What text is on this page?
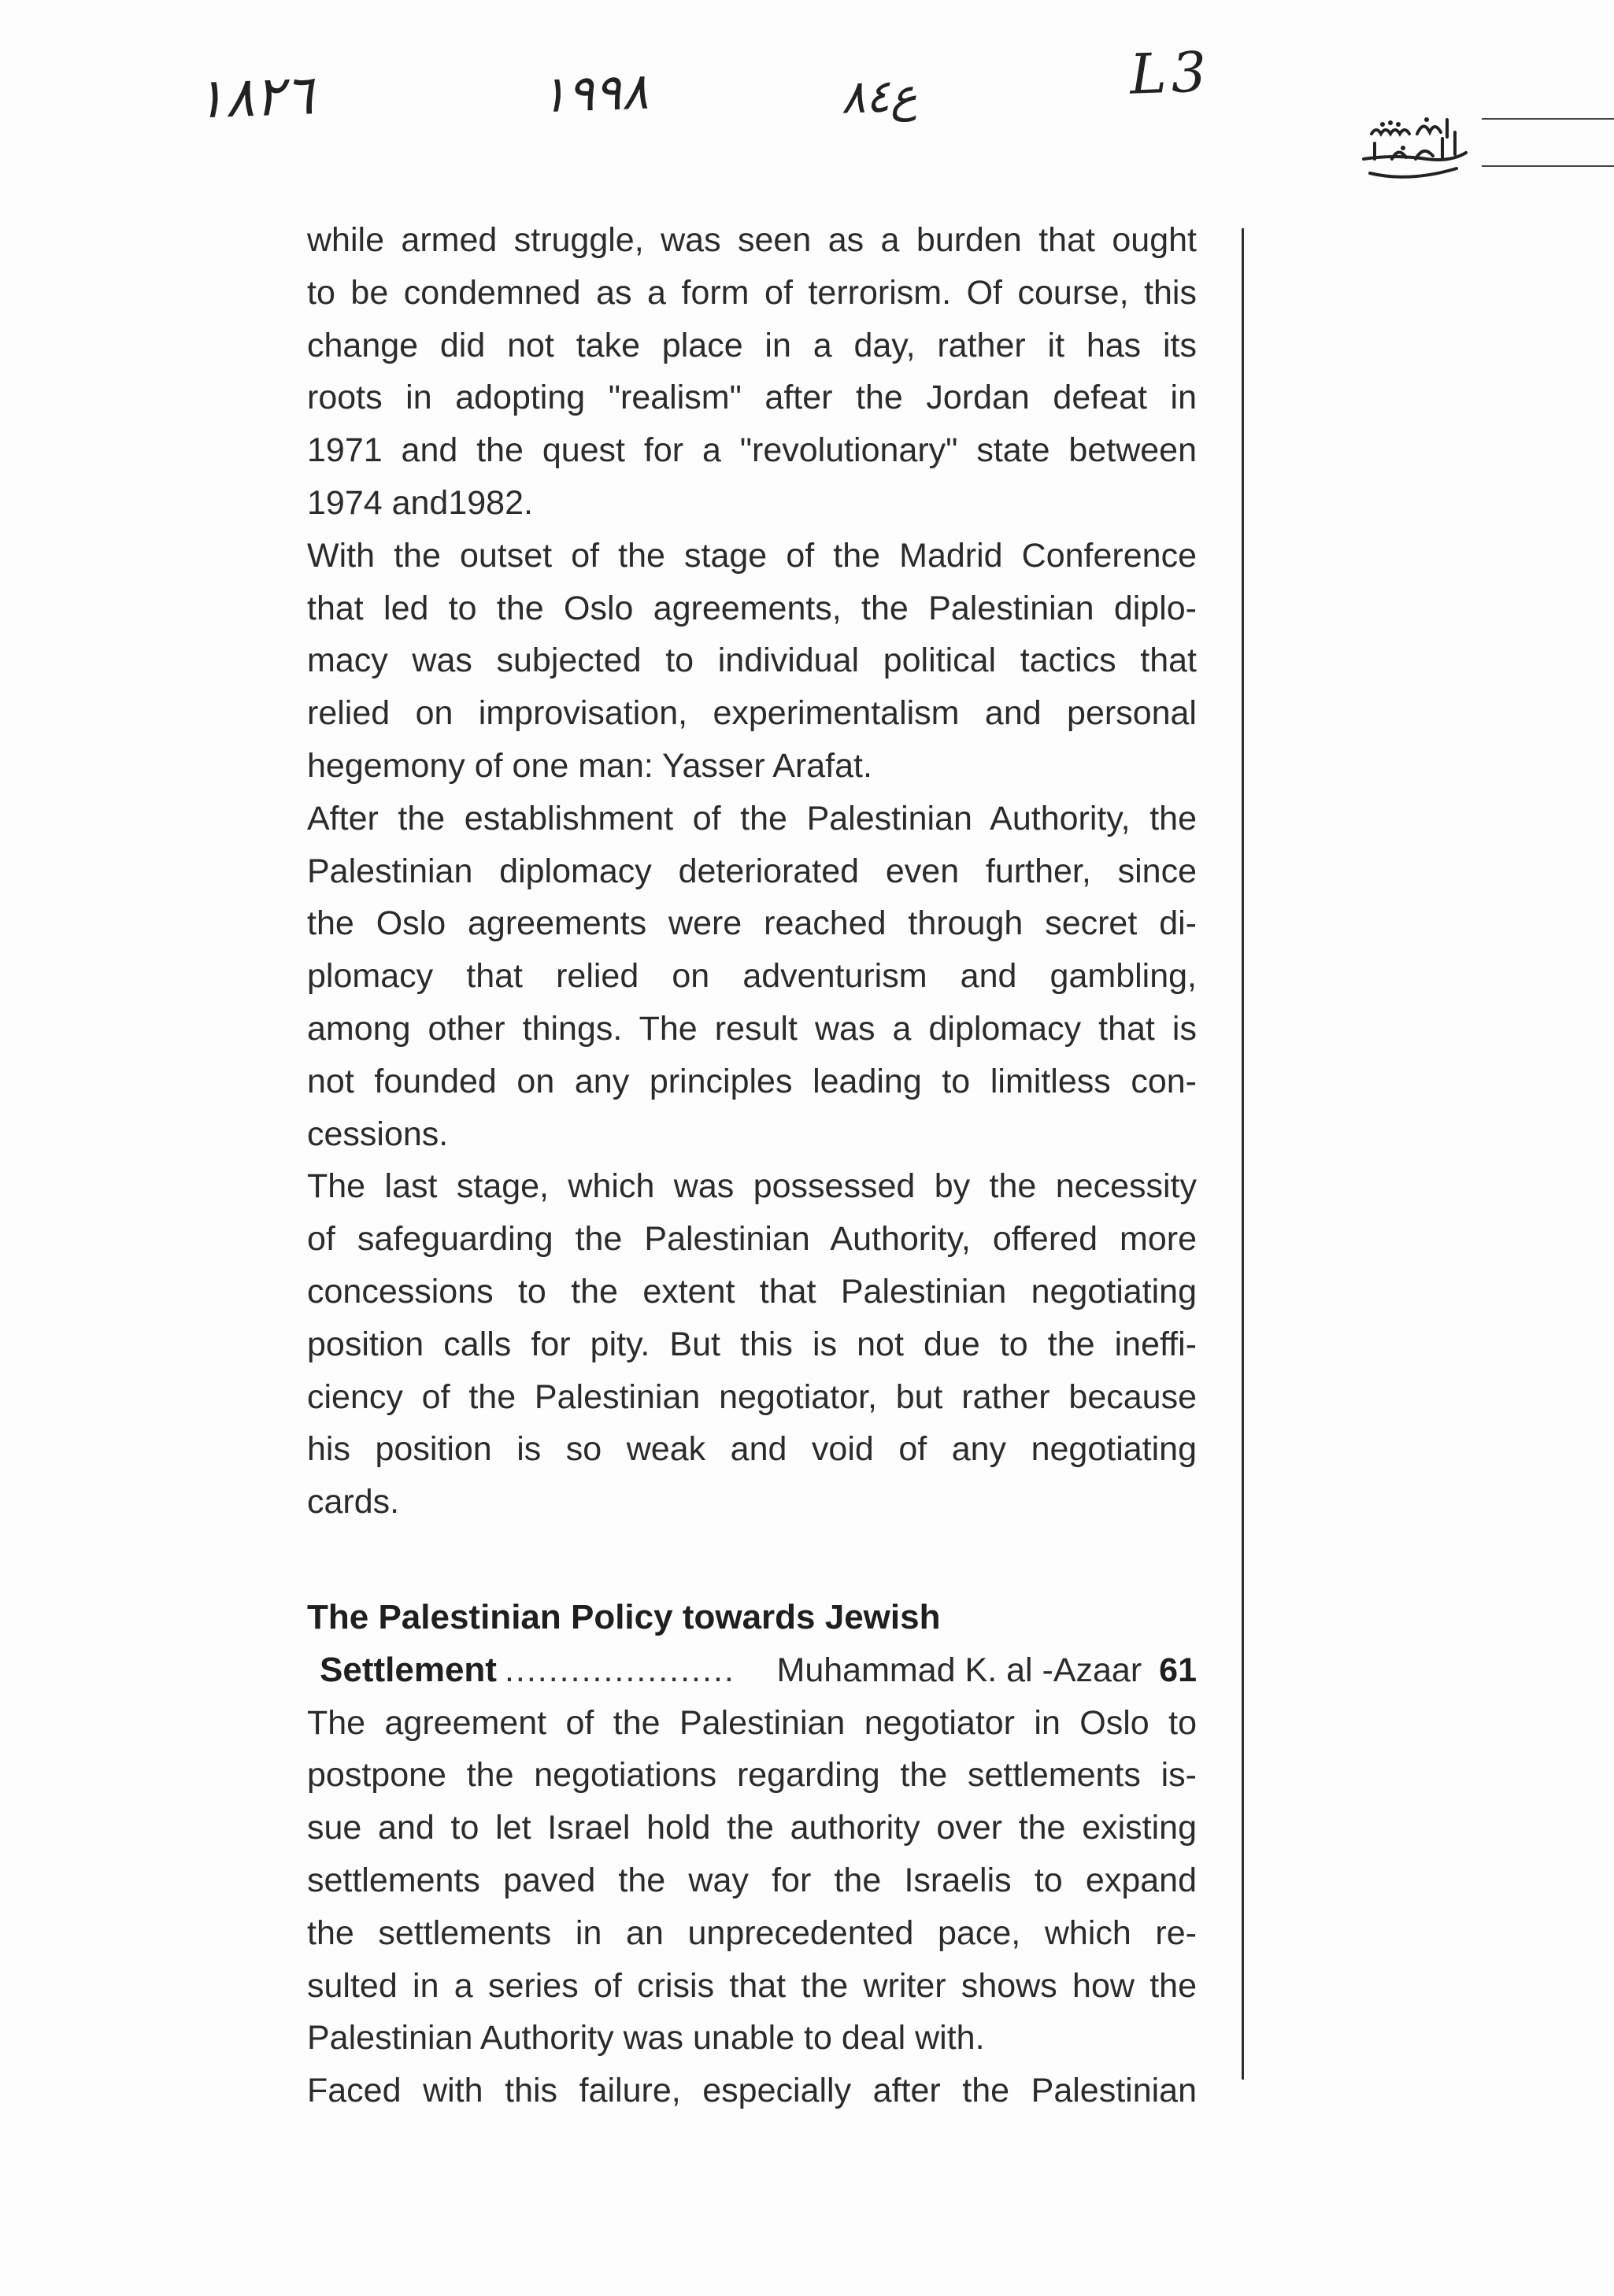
١٨٢٦	١٩٩٨	ع٨٤	L3
while armed struggle, was seen as a burden that ought
to be condemned as a form of terrorism. Of course, this
change did not take place in a day, rather it has its
roots in adopting "realism" after the Jordan defeat in
1971 and the quest for a "revolutionary" state between
1974 and1982.
With the outset of the stage of the Madrid Conference
that led to the Oslo agreements, the Palestinian diplo-
macy was subjected to individual political tactics that
relied on improvisation, experimentalism and personal
hegemony of one man: Yasser Arafat.
After the establishment of the Palestinian Authority, the
Palestinian diplomacy deteriorated even further, since
the Oslo agreements were reached through secret di-
plomacy that relied on adventurism and gambling,
among other things. The result was a diplomacy that is
not founded on any principles leading to limitless con-
cessions.
The last stage, which was possessed by the necessity
of safeguarding the Palestinian Authority, offered more
concessions to the extent that Palestinian negotiating
position calls for pity. But this is not due to the ineffi-
ciency of the Palestinian negotiator, but rather because
his position is so weak and void of any negotiating
cards.
The Palestinian Policy towards Jewish
Settlement .....................	Muhammad K. al -Azaar 61
The agreement of the Palestinian negotiator in Oslo to
postpone the negotiations regarding the settlements is-
sue and to let Israel hold the authority over the existing
settlements paved the way for the Israelis to expand
the settlements in an unprecedented pace, which re-
sulted in a series of crisis that the writer shows how the
Palestinian Authority was unable to deal with.
Faced with this failure, especially after the Palestinian
